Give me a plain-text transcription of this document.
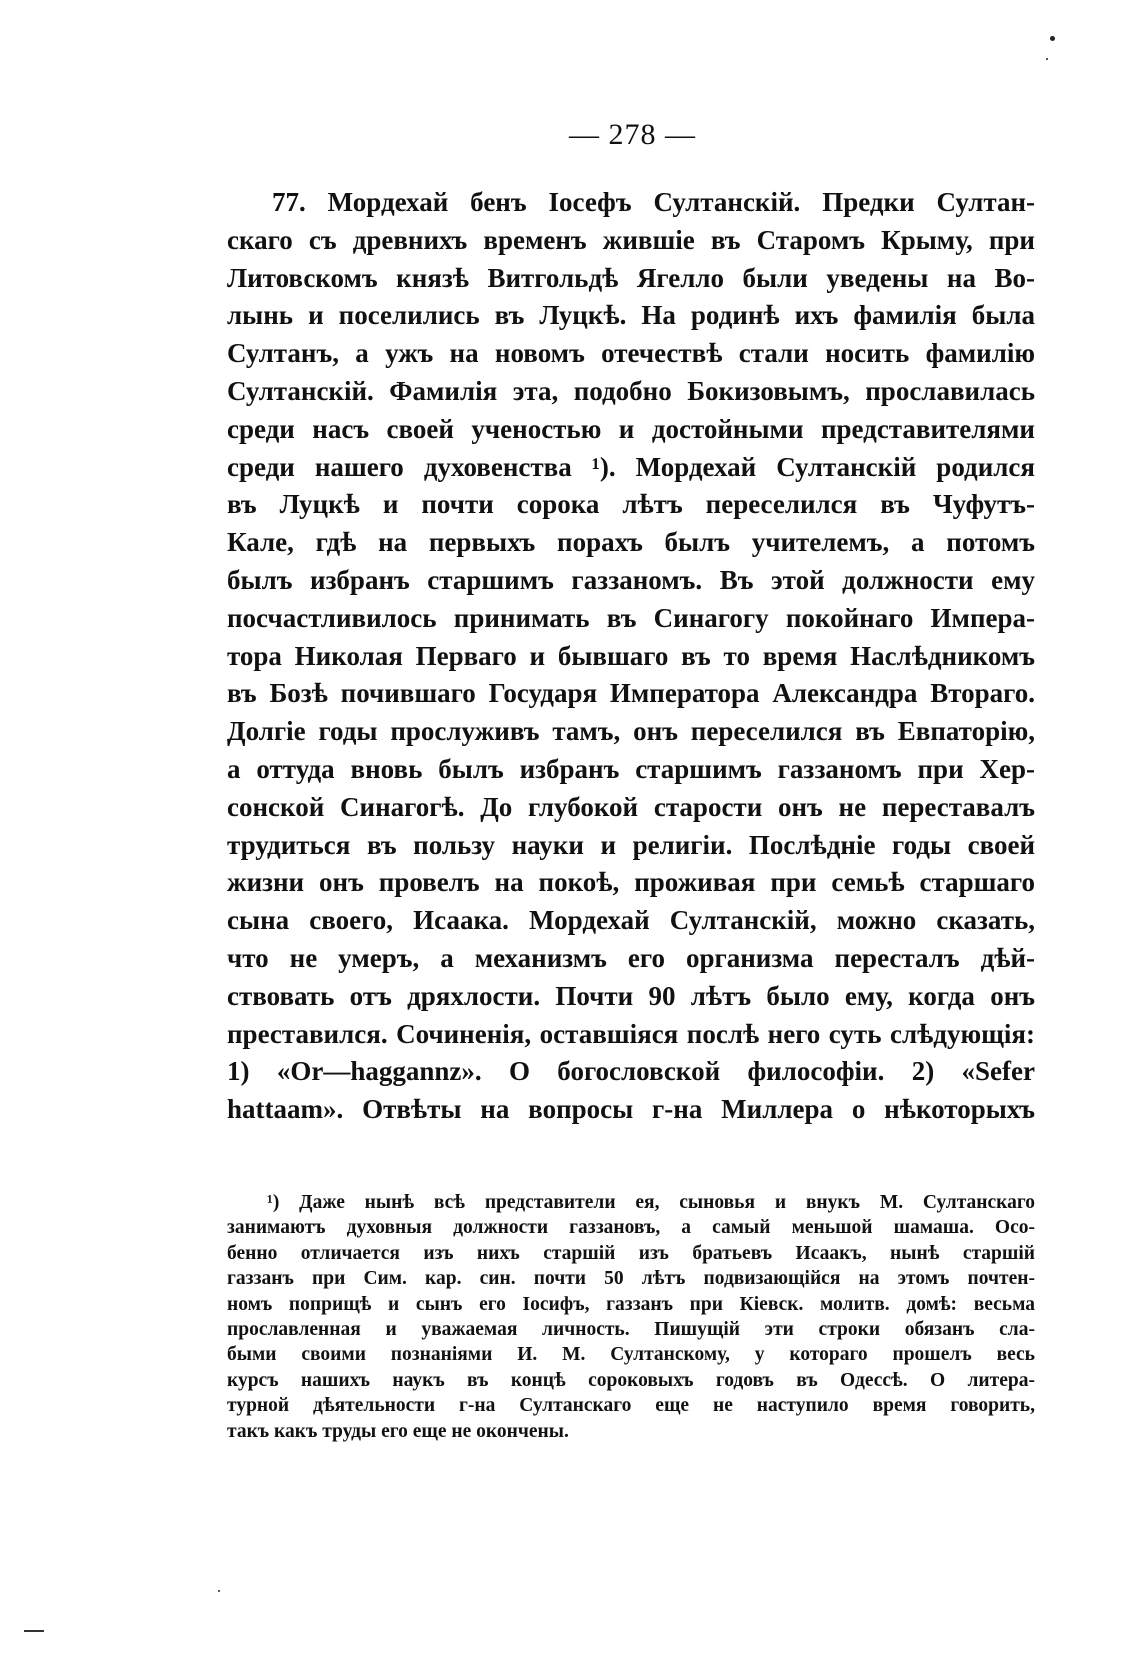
— 278 —
77. Мордехай бенъ Іосефъ Султанскій. Предки Султан-
скаго съ древнихъ временъ жившіе въ Старомъ Крыму, при
Литовскомъ князѣ Витгольдѣ Ягелло были уведены на Во-
лынь и поселились въ Луцкѣ. На родинѣ ихъ фамилія была
Султанъ, а ужъ на новомъ отечествѣ стали носить фамилію
Султанскій. Фамилія эта, подобно Бокизовымъ, прославилась
среди насъ своей ученостью и достойными представителями
среди нашего духовенства ¹). Мордехай Султанскій родился
въ Луцкѣ и почти сорока лѣтъ переселился въ Чуфутъ-
Кале, гдѣ на первыхъ порахъ былъ учителемъ, а потомъ
былъ избранъ старшимъ газзаномъ. Въ этой должности ему
посчастливилось принимать въ Синагогу покойнаго Импера-
тора Николая Перваго и бывшаго въ то время Наслѣдникомъ
въ Бозѣ почившаго Государя Императора Александра Втораго.
Долгіе годы прослуживъ тамъ, онъ переселился въ Евпаторію,
а оттуда вновь былъ избранъ старшимъ газзаномъ при Хер-
сонской Синагогѣ. До глубокой старости онъ не переставалъ
трудиться въ пользу науки и религіи. Послѣдніе годы своей
жизни онъ провелъ на покоѣ, проживая при семьѣ старшаго
сына своего, Исаака. Мордехай Султанскій, можно сказать,
что не умеръ, а механизмъ его организма пересталъ дѣй-
ствовать отъ дряхлости. Почти 90 лѣтъ было ему, когда онъ
преставился. Сочиненія, оставшіяся послѣ него суть слѣдующія:
1) «Or—haggannz». О богословской философіи. 2) «Sefer
hattaam». Отвѣты на вопросы г-на Миллера о нѣкоторыхъ
¹) Даже нынѣ всѣ представители ея, сыновья и внукъ М. Султанскаго
занимаютъ духовныя должности газзановъ, а самый меньшой шамаша. Осо-
бенно отличается изъ нихъ старшій изъ братьевъ Исаакъ, нынѣ старшій
газзанъ при Сим. кар. син. почти 50 лѣтъ подвизающійся на этомъ почтен-
номъ поприщѣ и сынъ его Іосифъ, газзанъ при Кіевск. молитв. домѣ: весьма
прославленная и уважаемая личность. Пишущій эти строки обязанъ сла-
быми своими познаніями И. М. Султанскому, у котораго прошелъ весь
курсъ нашихъ наукъ въ концѣ сороковыхъ годовъ въ Одессѣ. О литера-
турной дѣятельности г-на Султанскаго еще не наступило время говорить,
такъ какъ труды его еще не окончены.
